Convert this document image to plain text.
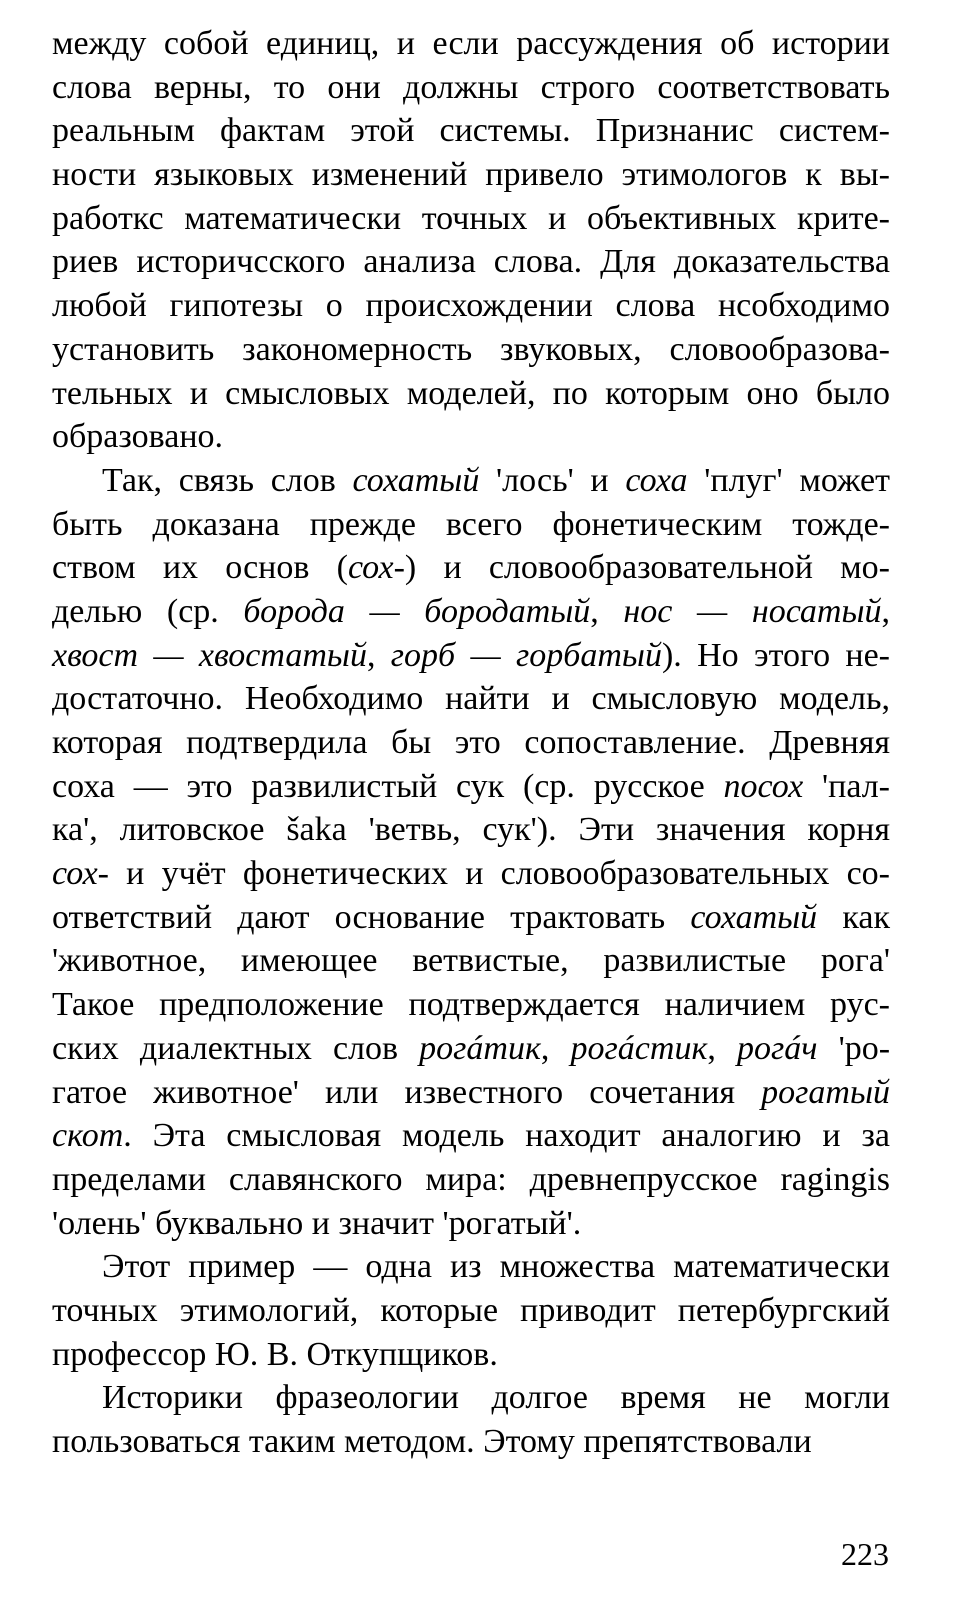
между собой единиц, и если рассуждения об истории
слова верны, то они должны строго соответствовать
реальным фактам этой системы. Признанис систем-
ности языковых изменений привело этимологов к вы-
работкс математически точных и объективных крите-
риев историчсского анализа слова. Для доказательства
любой гипотезы о происхождении слова нсобходимо
установить закономерность звуковых, словообразова-
тельных и смысловых моделей, по которым оно было
образовано.
Так, связь слов сохатый 'лось' и соха 'плуг' может
быть доказана прежде всего фонетическим тожде-
ством их основ (сох-) и словообразовательной мо-
делью (ср. борода — бородатый, нос — носатый,
хвост — хвостатый, горб — горбатый). Но этого не-
достаточно. Необходимо найти и смысловую модель,
которая подтвердила бы это сопоставление. Древняя
соха — это развилистый сук (ср. русское посох 'пал-
ка', литовское šaka 'ветвь, сук'). Эти значения корня
сох- и учёт фонетических и словообразовательных со-
ответствий дают основание трактовать сохатый как
'животное, имеющее ветвистые, развилистые рога'
Такое предположение подтверждается наличием рус-
ских диалектных слов рогáтик, рогáстик, рогáч 'ро-
гатое животное' или известного сочетания рогатый
скот. Эта смысловая модель находит аналогию и за
пределами славянского мира: древнепрусское ragingis
'олень' буквально и значит 'рогатый'.
Этот пример — одна из множества математически
точных этимологий, которые приводит петербургский
профессор Ю. В. Откупщиков.
Историки фразеологии долгое время не могли
пользоваться таким методом. Этому препятствовали
223
